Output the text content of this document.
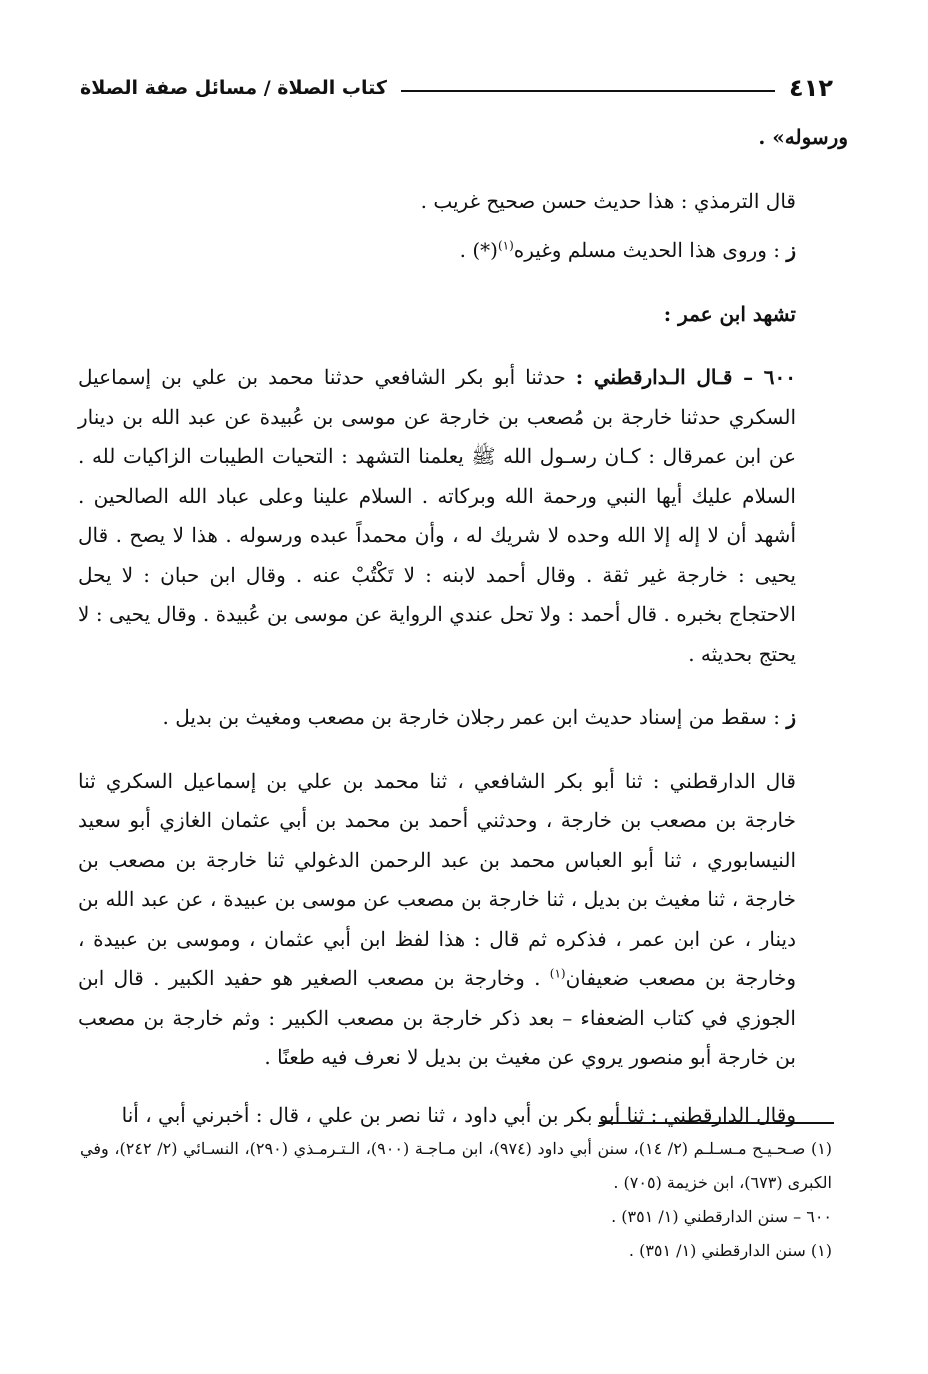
٤١٢
كتاب الصلاة / مسائل صفة الصلاة

ورسوله» .

قال الترمذي : هذا حديث حسن صحيح غريب .

ز : وروى هذا الحديث مسلم وغيره$^{(١)}$(*) .

تشهد ابن عمر :

٦٠٠ – قـال الـدارقطني : حدثنا أبو بكر الشافعي حدثنا محمد بن علي بن إسماعيل السكري حدثنا خارجة بن مُصعب بن خارجة عن موسى بن عُبيدة عن عبد الله بن دينار عن ابن عمرقال : كـان رسـول الله ﷺ يعلمنا التشهد : التحيات الطيبات الزاكيات لله . السلام عليك أيها النبي ورحمة الله وبركاته . السلام علينا وعلى عباد الله الصالحين . أشهد أن لا إله إلا الله وحده لا شريك له ، وأن محمداً عبده ورسوله . هذا لا يصح . قال يحيى : خارجة غير ثقة . وقال أحمد لابنه : لا تَكْتُبْ عنه . وقال ابن حبان : لا يحل الاحتجاج بخبره . قال أحمد : ولا تحل عندي الرواية عن موسى بن عُبيدة . وقال يحيى : لا يحتج بحديثه .

ز : سقط من إسناد حديث ابن عمر رجلان خارجة بن مصعب ومغيث بن بديل .

قال الدارقطني : ثنا أبو بكر الشافعي ، ثنا محمد بن علي بن إسماعيل السكري ثنا خارجة بن مصعب بن خارجة ، وحدثني أحمد بن محمد بن أبي عثمان الغازي أبو سعيد النيسابوري ، ثنا أبو العباس محمد بن عبد الرحمن الدغولي ثنا خارجة بن مصعب بن خارجة ، ثنا مغيث بن بديل ، ثنا خارجة بن مصعب عن موسى بن عبيدة ، عن عبد الله بن دينار ، عن ابن عمر ، فذكره ثم قال : هذا لفظ ابن أبي عثمان ، وموسى بن عبيدة ، وخارجة بن مصعب ضعيفان$^{(١)}$ . وخارجة بن مصعب الصغير هو حفيد الكبير . قال ابن الجوزي في كتاب الضعفاء – بعد ذكر خارجة بن مصعب الكبير : وثم خارجة بن مصعب بن خارجة أبو منصور يروي عن مغيث بن بديل لا نعرف فيه طعنًا .

وقال الدارقطني : ثنا أبو بكر بن أبي داود ، ثنا نصر بن علي ، قال : أخبرني أبي ، أنا

(١) صـحـيـح مـسـلـم (٢/ ١٤)، سنن أبي داود (٩٧٤)، ابن مـاجـة (٩٠٠)، الـتـرمـذي (٢٩٠)، النسـائي (٢/ ٢٤٢)، وفي الكبرى (٦٧٣)، ابن خزيمة (٧٠٥) .

٦٠٠ – سنن الدارقطني (١/ ٣٥١) .

(١) سنن الدارقطني (١/ ٣٥١) .
